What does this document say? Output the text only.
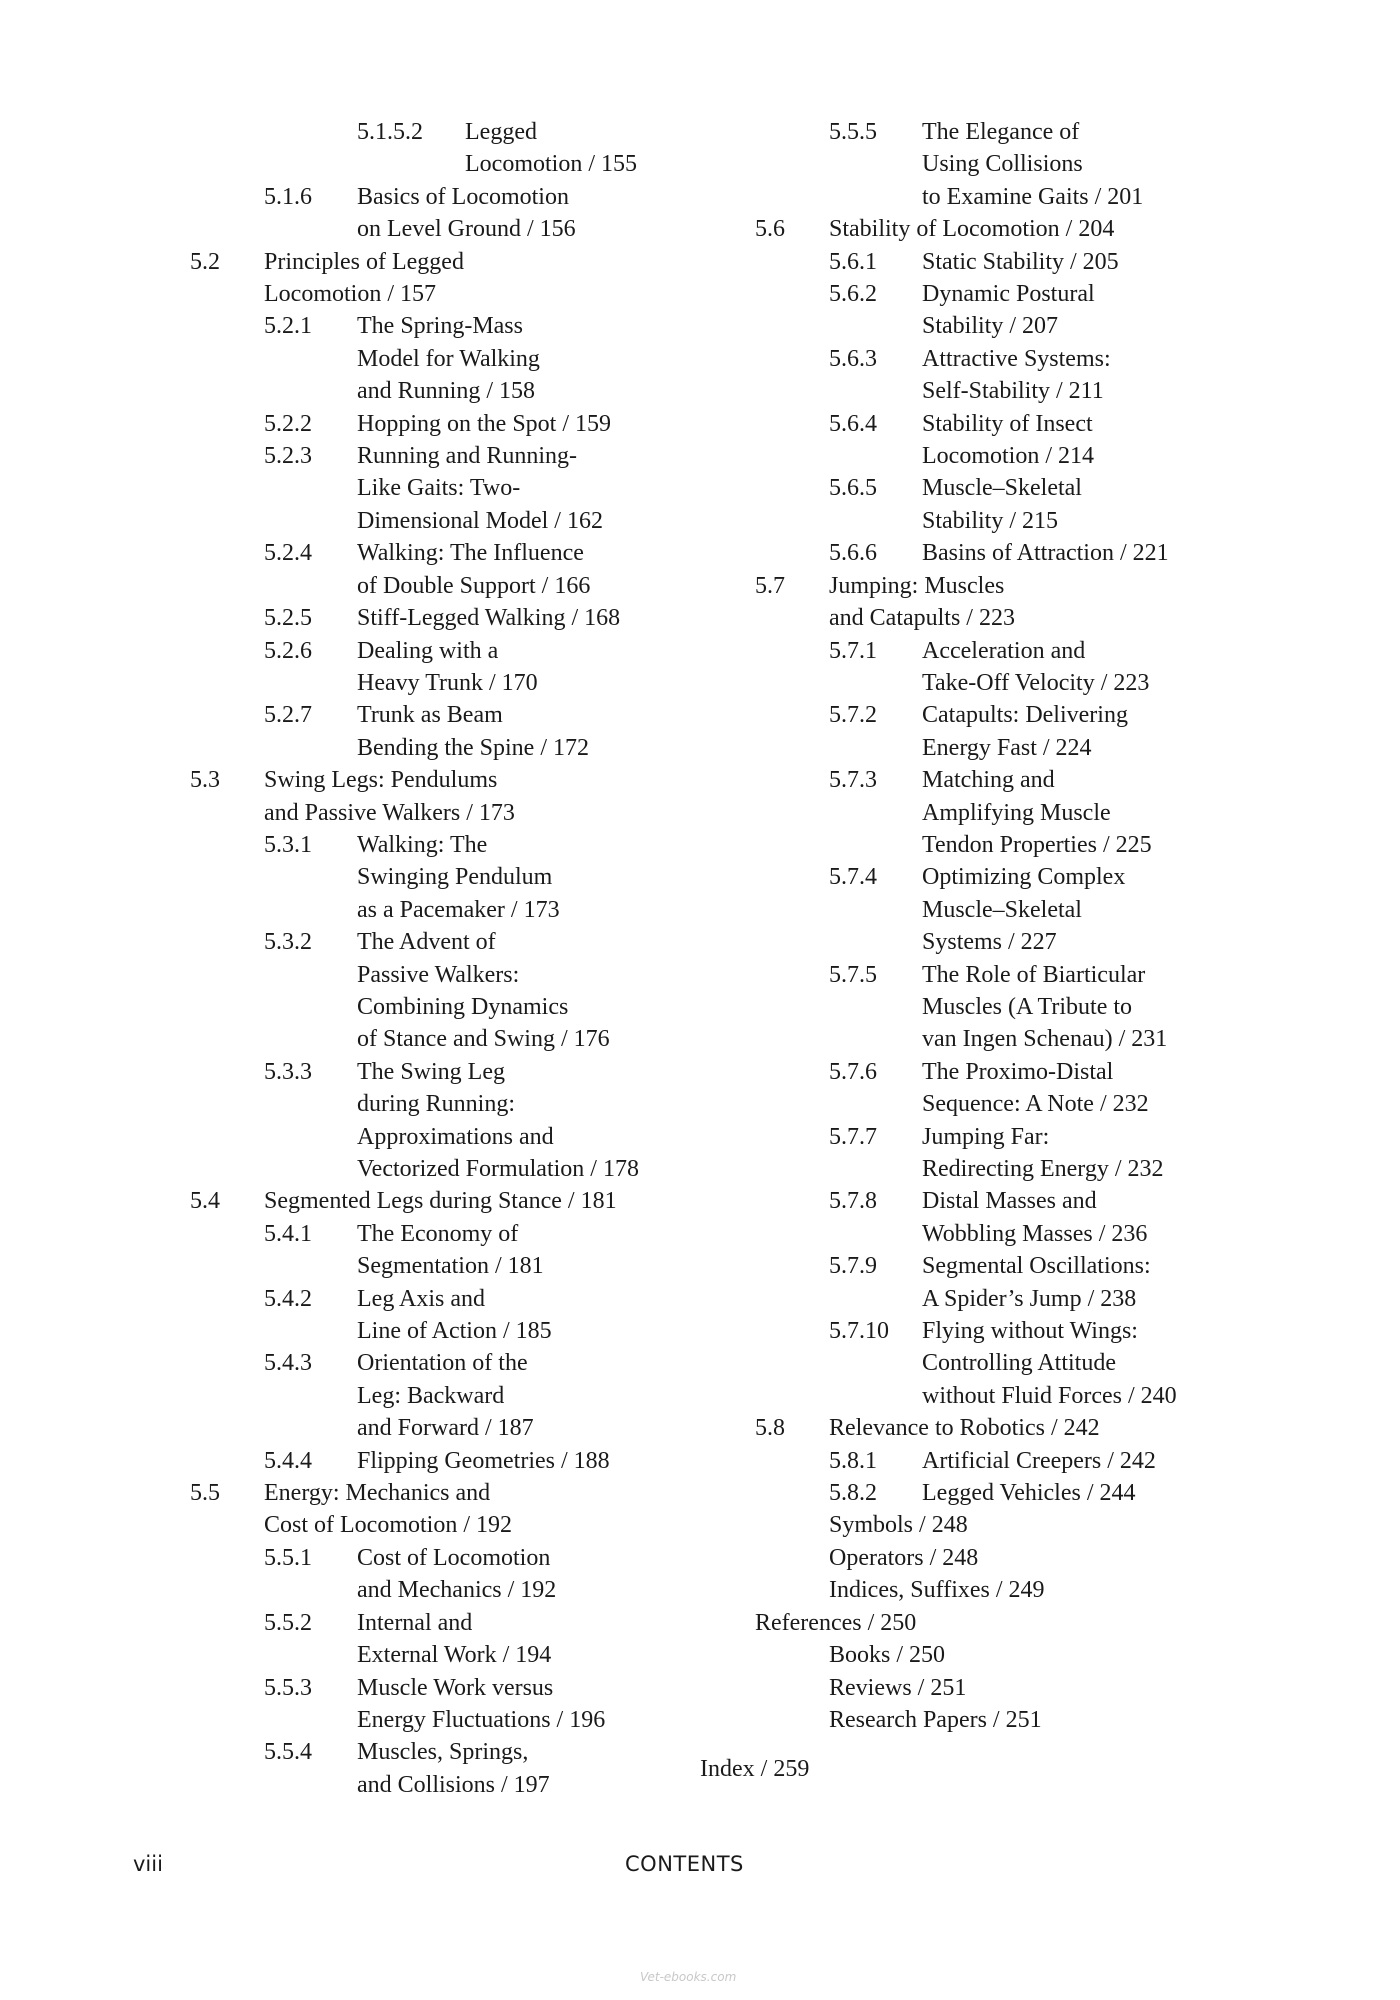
5.1.5.2 Legged
Locomotion / 155
5.1.6 Basics of Locomotion
on Level Ground / 156
5.2 Principles of Legged
Locomotion / 157
5.2.1 The Spring-Mass
Model for Walking
and Running / 158
5.2.2 Hopping on the Spot / 159
5.2.3 Running and Running-
Like Gaits: Two-
Dimensional Model / 162
5.2.4 Walking: The Influence
of Double Support / 166
5.2.5 Stiff-Legged Walking / 168
5.2.6 Dealing with a
Heavy Trunk / 170
5.2.7 Trunk as Beam
Bending the Spine / 172
5.3 Swing Legs: Pendulums
and Passive Walkers / 173
5.3.1 Walking: The
Swinging Pendulum
as a Pacemaker / 173
5.3.2 The Advent of
Passive Walkers:
Combining Dynamics
of Stance and Swing / 176
5.3.3 The Swing Leg
during Running:
Approximations and
Vectorized Formulation / 178
5.4 Segmented Legs during Stance / 181
5.4.1 The Economy of
Segmentation / 181
5.4.2 Leg Axis and
Line of Action / 185
5.4.3 Orientation of the
Leg: Backward
and Forward / 187
5.4.4 Flipping Geometries / 188
5.5 Energy: Mechanics and
Cost of Locomotion / 192
5.5.1 Cost of Locomotion
and Mechanics / 192
5.5.2 Internal and
External Work / 194
5.5.3 Muscle Work versus
Energy Fluctuations / 196
5.5.4 Muscles, Springs,
and Collisions / 197
5.5.5 The Elegance of
Using Collisions
to Examine Gaits / 201
5.6 Stability of Locomotion / 204
5.6.1 Static Stability / 205
5.6.2 Dynamic Postural
Stability / 207
5.6.3 Attractive Systems:
Self-Stability / 211
5.6.4 Stability of Insect
Locomotion / 214
5.6.5 Muscle–Skeletal
Stability / 215
5.6.6 Basins of Attraction / 221
5.7 Jumping: Muscles
and Catapults / 223
5.7.1 Acceleration and
Take-Off Velocity / 223
5.7.2 Catapults: Delivering
Energy Fast / 224
5.7.3 Matching and
Amplifying Muscle
Tendon Properties / 225
5.7.4 Optimizing Complex
Muscle–Skeletal
Systems / 227
5.7.5 The Role of Biarticular
Muscles (A Tribute to
van Ingen Schenau) / 231
5.7.6 The Proximo-Distal
Sequence: A Note / 232
5.7.7 Jumping Far:
Redirecting Energy / 232
5.7.8 Distal Masses and
Wobbling Masses / 236
5.7.9 Segmental Oscillations:
A Spider’s Jump / 238
5.7.10 Flying without Wings:
Controlling Attitude
without Fluid Forces / 240
5.8 Relevance to Robotics / 242
5.8.1 Artificial Creepers / 242
5.8.2 Legged Vehicles / 244
Symbols / 248
Operators / 248
Indices, Suffixes / 249
References / 250
Books / 250
Reviews / 251
Research Papers / 251
Index / 259
viii	CONTENTS
Vet-ebooks.com
